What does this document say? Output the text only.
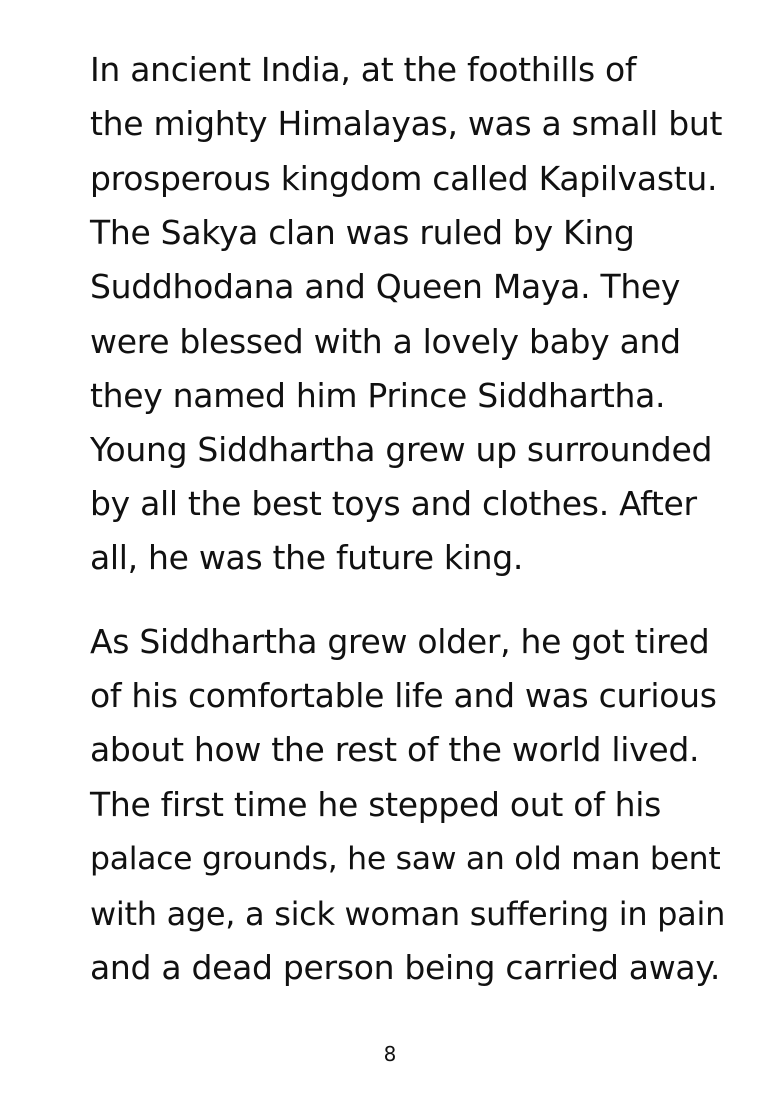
In ancient India, at the foothills of

the mighty Himalayas, was a small but

prosperous kingdom called Kapilvastu.

The Sakya clan was ruled by King

Suddhodana and Queen Maya. They

were blessed with a lovely baby and

they named him Prince Siddhartha.

Young Siddhartha grew up surrounded

by all the best toys and clothes. After

all, he was the future king.

As Siddhartha grew older, he got tired

of his comfortable life and was curious

about how the rest of the world lived.

The first time he stepped out of his

palace grounds, he saw an old man bent

with age, a sick woman suffering in pain

and a dead person being carried away.

8
